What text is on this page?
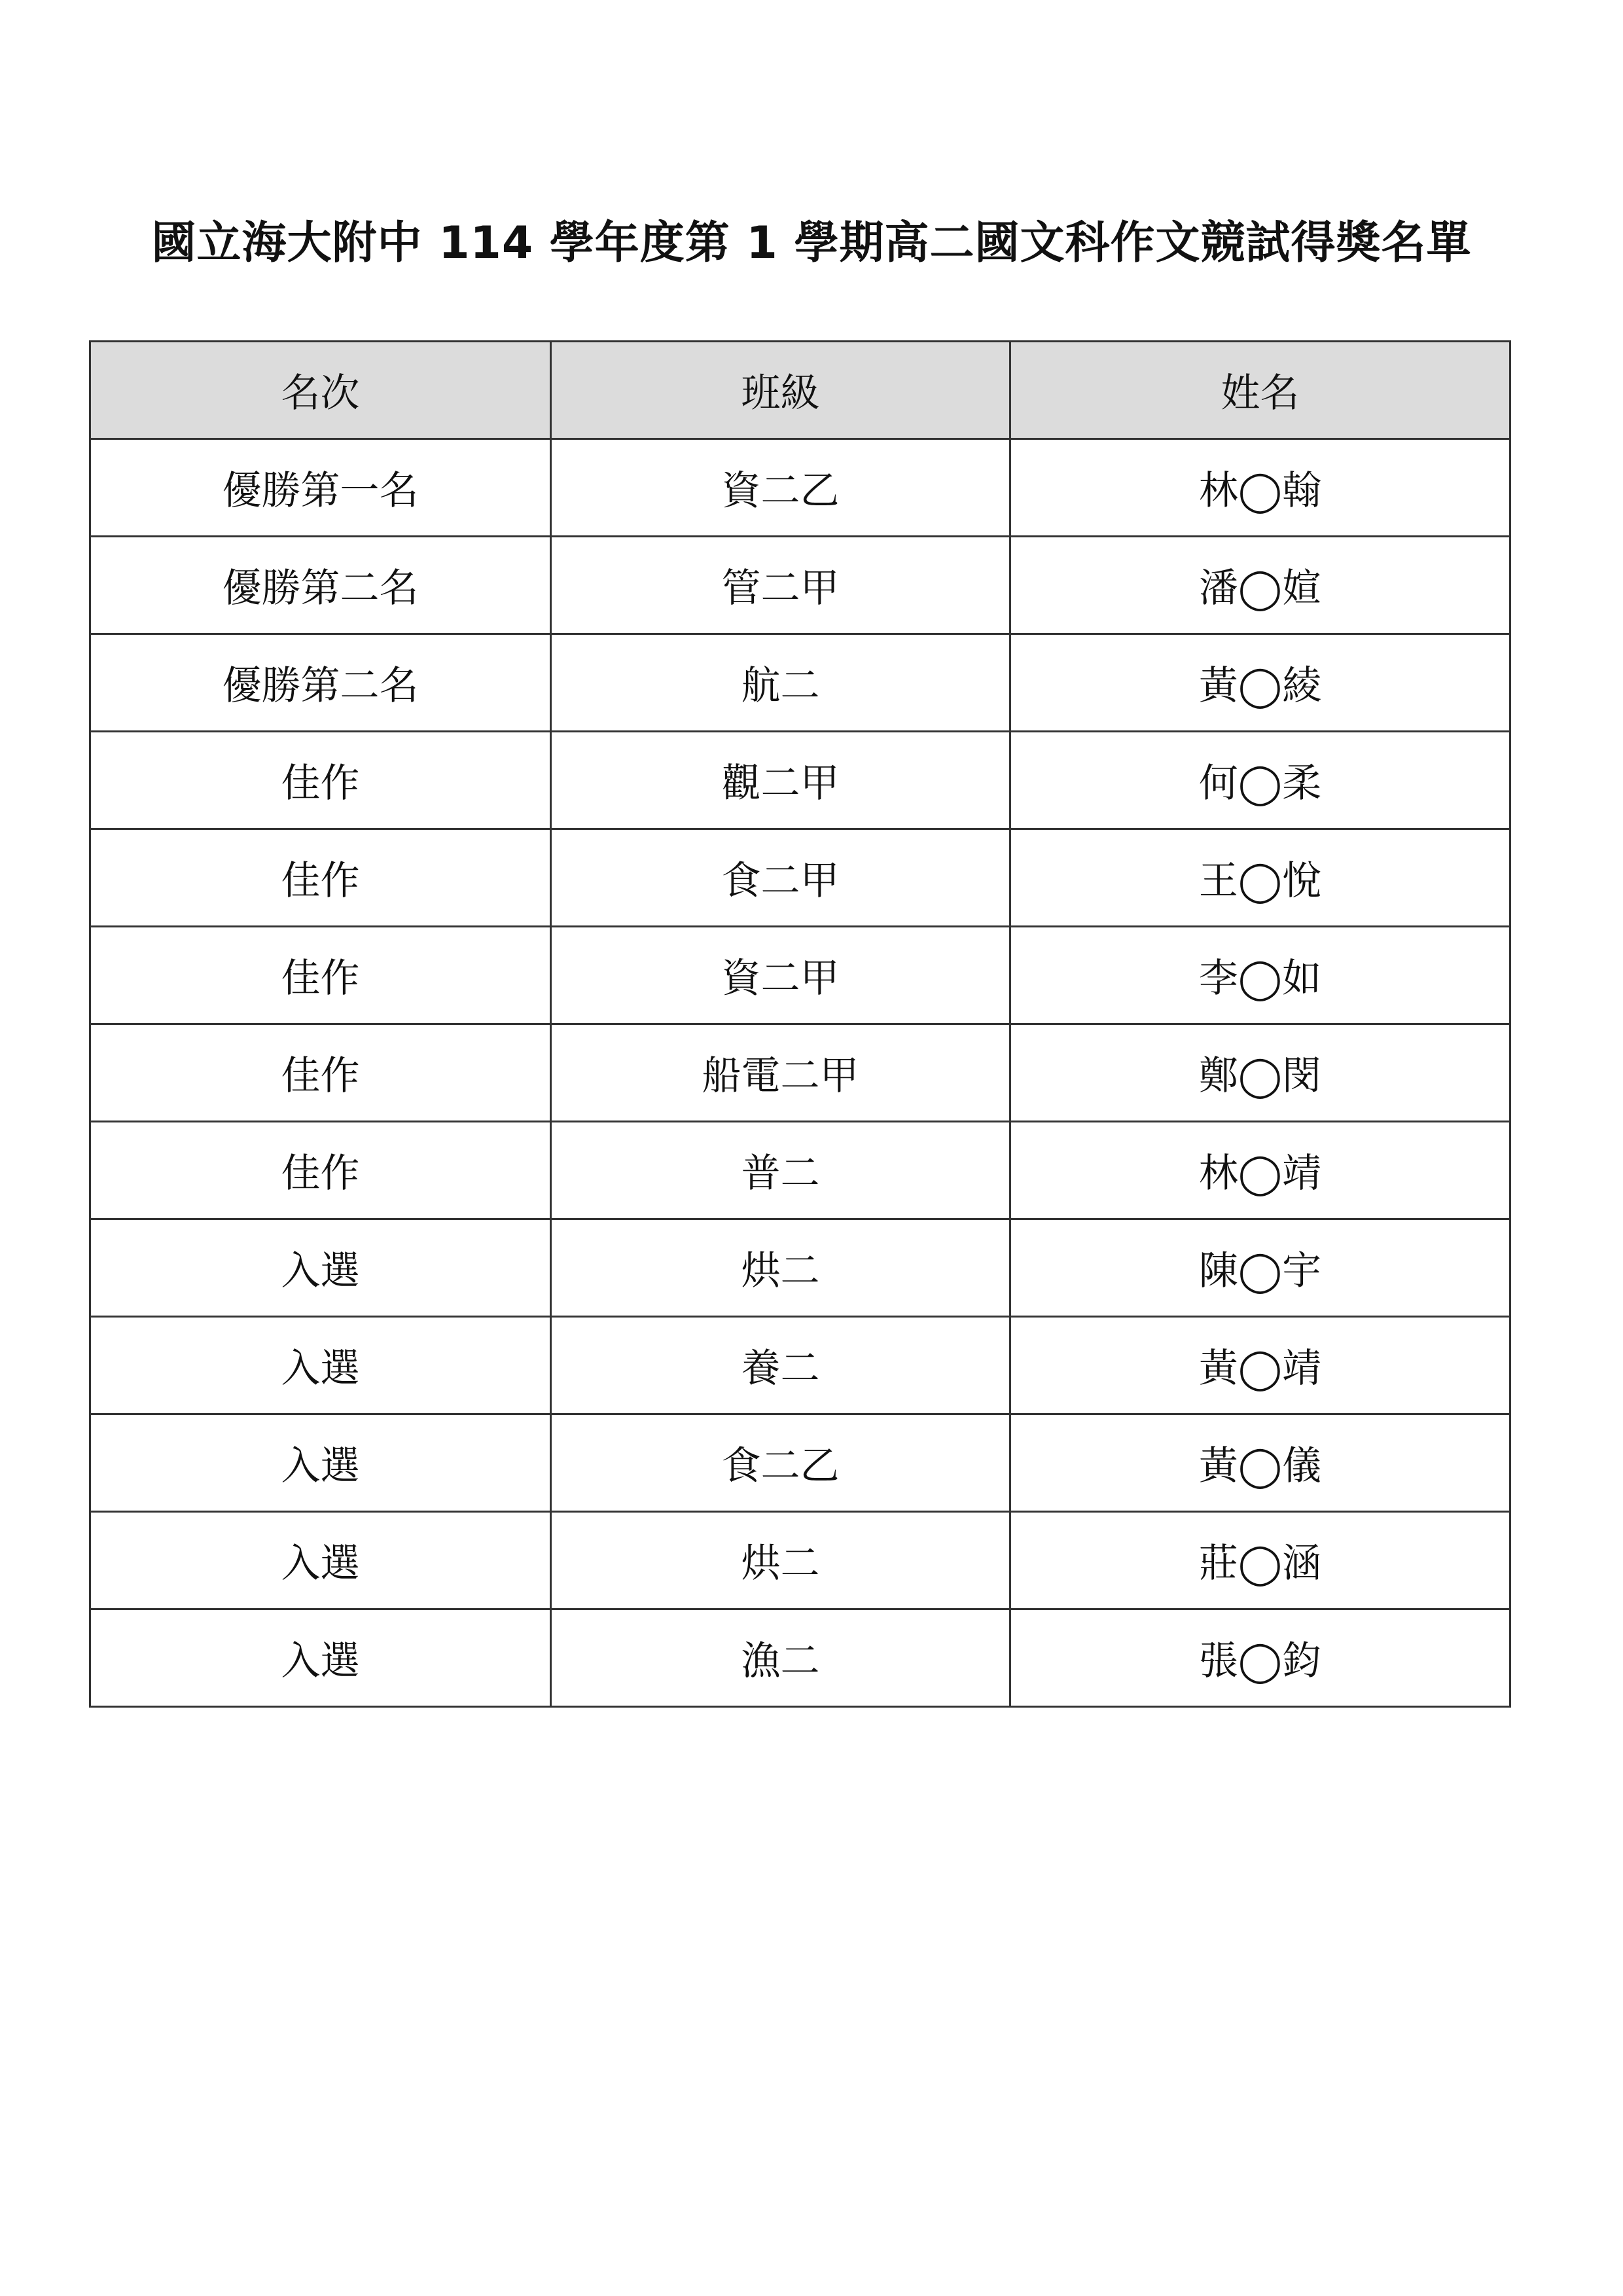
國立海大附中 114 學年度第 1 學期高二國文科作文競試得獎名單
名次	班級	姓名
優勝第一名	資二乙	林◯翰
優勝第二名	管二甲	潘◯媗
優勝第二名	航二	黃◯綾
佳作	觀二甲	何◯柔
佳作	食二甲	王◯悅
佳作	資二甲	李◯如
佳作	船電二甲	鄭◯閔
佳作	普二	林◯靖
入選	烘二	陳◯宇
入選	養二	黃◯靖
入選	食二乙	黃◯儀
入選	烘二	莊◯涵
入選	漁二	張◯鈞
